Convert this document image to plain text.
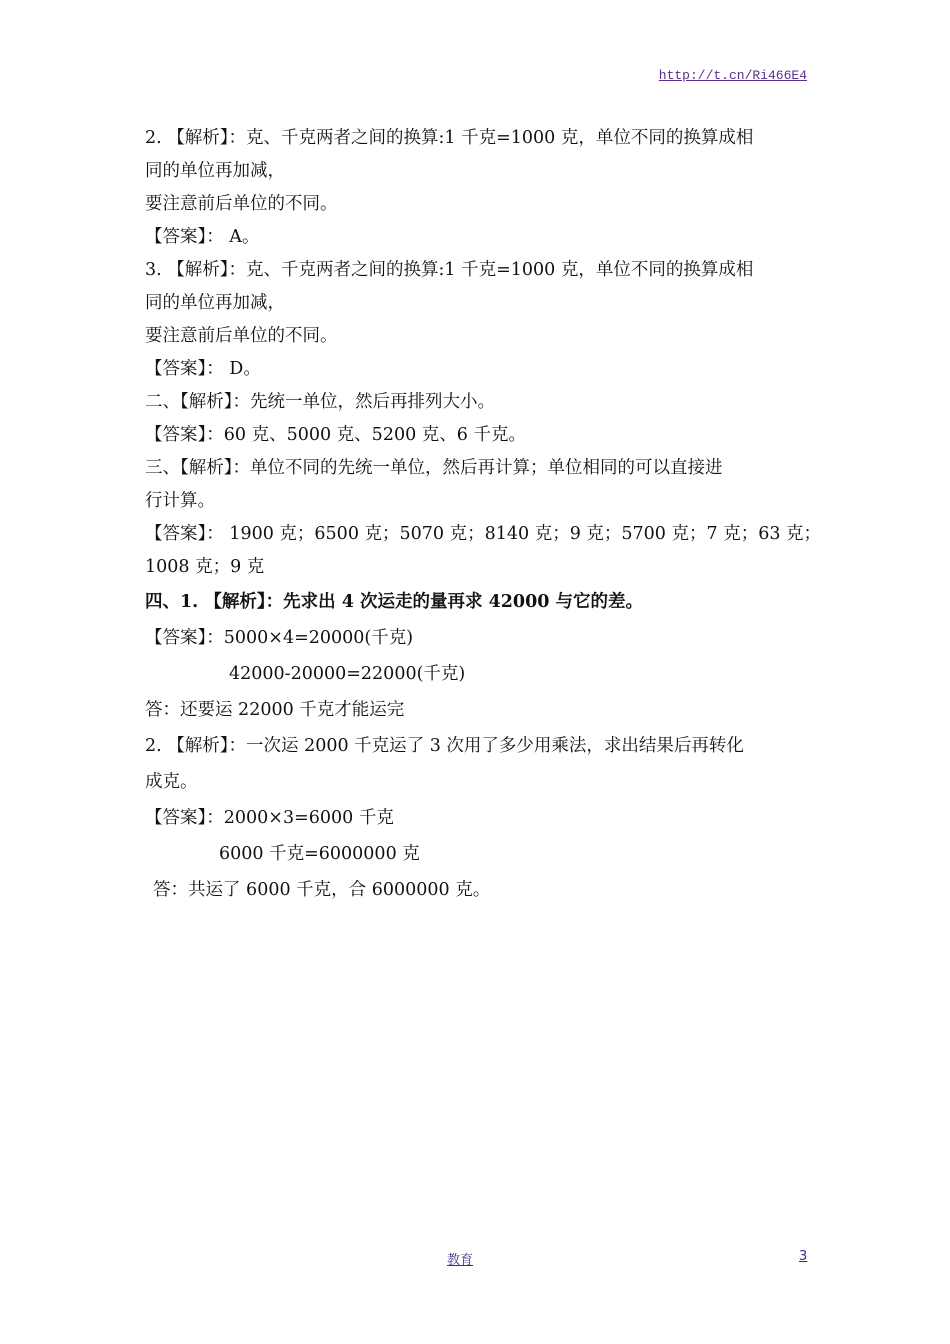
http://t.cn/Ri466E4
2. 【解析】：克、千克两者之间的换算:1 千克=1000 克，单位不同的换算成相
同的单位再加减，
要注意前后单位的不同。
【答案】： A。
3. 【解析】：克、千克两者之间的换算:1 千克=1000 克，单位不同的换算成相
同的单位再加减，
要注意前后单位的不同。
【答案】： D。
二、【解析】：先统一单位，然后再排列大小。
【答案】：60 克、5000 克、5200 克、6 千克。
三、【解析】：单位不同的先统一单位，然后再计算；单位相同的可以直接进
行计算。
【答案】： 1900 克；6500 克；5070 克；8140 克；9 克；5700 克；7 克；63 克；
1008 克；9 克
四、1. 【解析】：先求出 4 次运走的量再求 42000 与它的差。
【答案】：5000×4=20000(千克)
42000-20000=22000(千克)
答：还要运 22000 千克才能运完
2. 【解析】：一次运 2000 千克运了 3 次用了多少用乘法，求出结果后再转化
成克。
【答案】：2000×3=6000 千克
6000 千克=6000000 克
答：共运了 6000 千克，合 6000000 克。
教育	3
